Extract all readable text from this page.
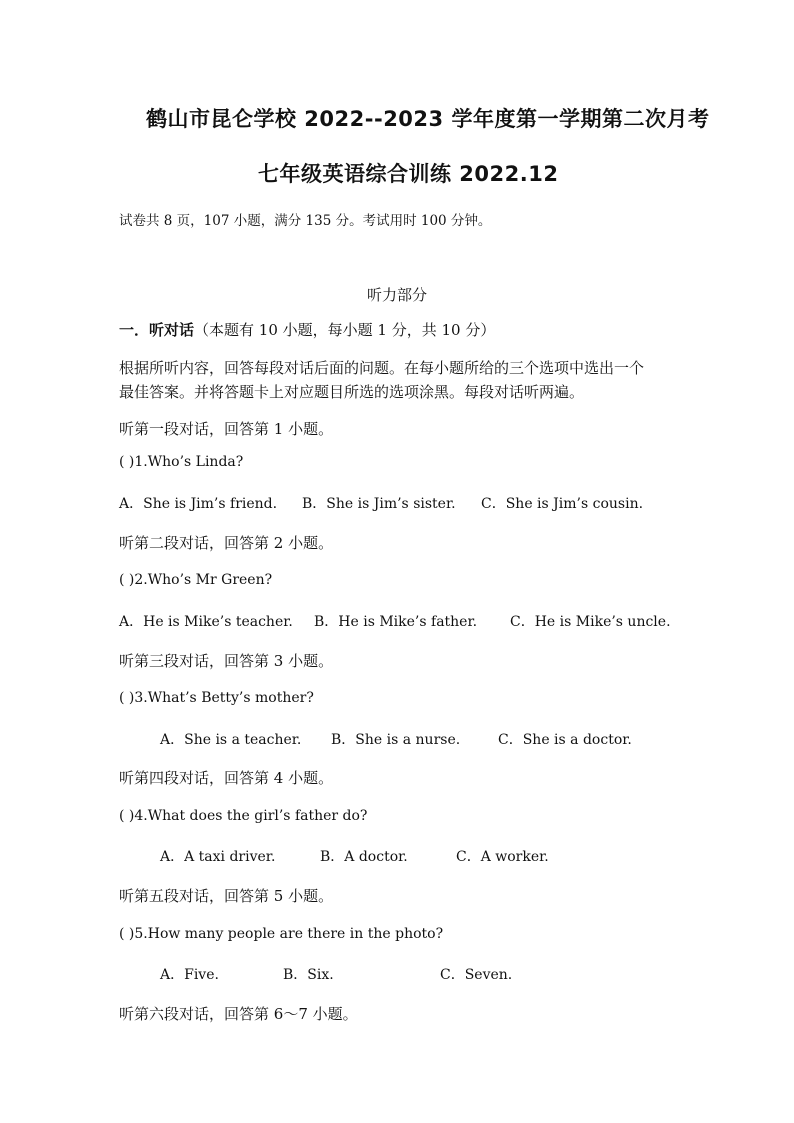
鹤山市昆仑学校 2022--2023 学年度第一学期第二次月考
七年级英语综合训练 2022.12
试卷共 8 页，107 小题，满分 135 分。考试用时 100 分钟。
听力部分
一．听对话（本题有 10 小题，每小题 1 分，共 10 分）
根据所听内容，回答每段对话后面的问题。在每小题所给的三个选项中选出一个
最佳答案。并将答题卡上对应题目所选的选项涂黑。每段对话听两遍。
听第一段对话，回答第 1 小题。
( )1.Who’s Linda?
A．She is Jim’s friend. B．She is Jim’s sister. C．She is Jim’s cousin.
听第二段对话，回答第 2 小题。
( )2.Who’s Mr Green?
A．He is Mike’s teacher. B．He is Mike’s father. C．He is Mike’s uncle.
听第三段对话，回答第 3 小题。
( )3.What’s Betty’s mother?
A．She is a teacher. B．She is a nurse.	C．She is a doctor.
听第四段对话，回答第 4 小题。
( )4.What does the girl’s father do?
A．A taxi driver.	B．A doctor.	C．A worker.
听第五段对话，回答第 5 小题。
( )5.How many people are there in the photo?
A．Five.	B．Six.	C．Seven.
听第六段对话，回答第 6～7 小题。
